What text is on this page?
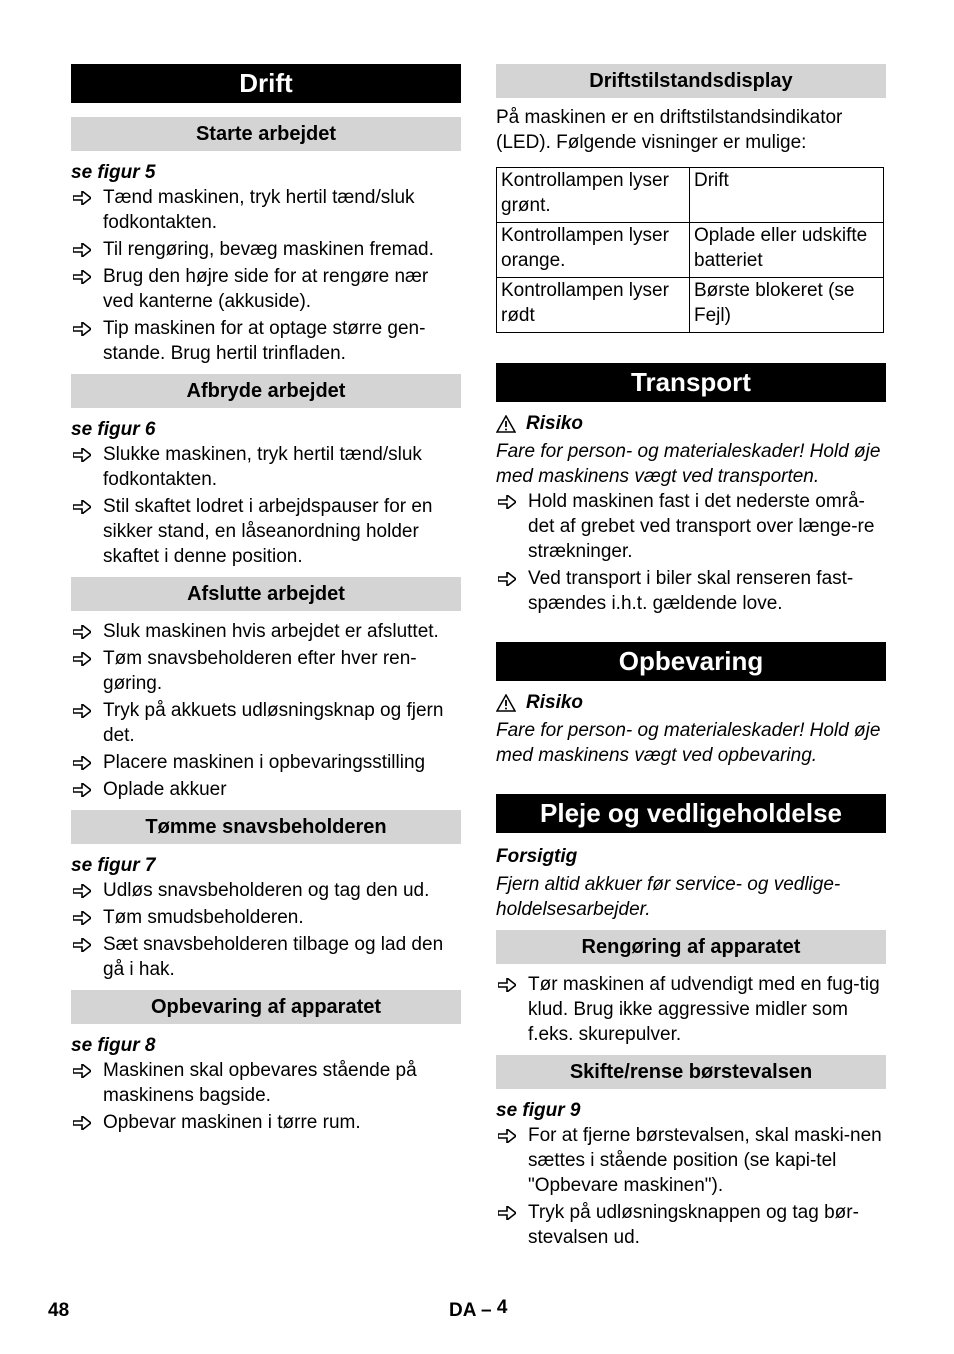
Drift
Starte arbejdet
se figur 5
Tænd maskinen, tryk hertil tænd/sluk fodkontakten.
Til rengøring, bevæg maskinen fremad.
Brug den højre side for at rengøre nær ved kanterne (akkuside).
Tip maskinen for at optage større gen-stande. Brug hertil trinfladen.
Afbryde arbejdet
se figur 6
Slukke maskinen, tryk hertil tænd/sluk fodkontakten.
Stil skaftet lodret i arbejdspauser for en sikker stand, en låseanordning holder skaftet i denne position.
Afslutte arbejdet
Sluk maskinen hvis arbejdet er afsluttet.
Tøm snavsbeholderen efter hver ren-gøring.
Tryk på akkuets udløsningsknap og fjern det.
Placere maskinen i opbevaringsstilling
Oplade akkuer
Tømme snavsbeholderen
se figur 7
Udløs snavsbeholderen og tag den ud.
Tøm smudsbeholderen.
Sæt snavsbeholderen tilbage og lad den gå i hak.
Opbevaring af apparatet
se figur 8
Maskinen skal opbevares stående på maskinens bagside.
Opbevar maskinen i tørre rum.
Driftstilstandsdisplay
På maskinen er en driftstilstandsindikator (LED). Følgende visninger er mulige:
Kontrollampen lyser grønt.	Drift
Kontrollampen lyser orange.	Oplade eller udskifte batteriet
Kontrollampen lyser rødt	Børste blokeret (se Fejl)
Transport
Risiko
Fare for person- og materialeskader! Hold øje med maskinens vægt ved transporten.
Hold maskinen fast i det nederste områ-det af grebet ved transport over længe-re strækninger.
Ved transport i biler skal renseren fast-spændes i.h.t. gældende love.
Opbevaring
Risiko
Fare for person- og materialeskader! Hold øje med maskinens vægt ved opbevaring.
Pleje og vedligeholdelse
Forsigtig
Fjern altid akkuer før service- og vedlige-holdelsesarbejder.
Rengøring af apparatet
Tør maskinen af udvendigt med en fug-tig klud. Brug ikke aggressive midler som f.eks. skurepulver.
Skifte/rense børstevalsen
se figur 9
For at fjerne børstevalsen, skal maski-nen sættes i stående position (se kapi-tel "Opbevare maskinen").
Tryk på udløsningsknappen og tag bør-stevalsen ud.
48	DA – 4
